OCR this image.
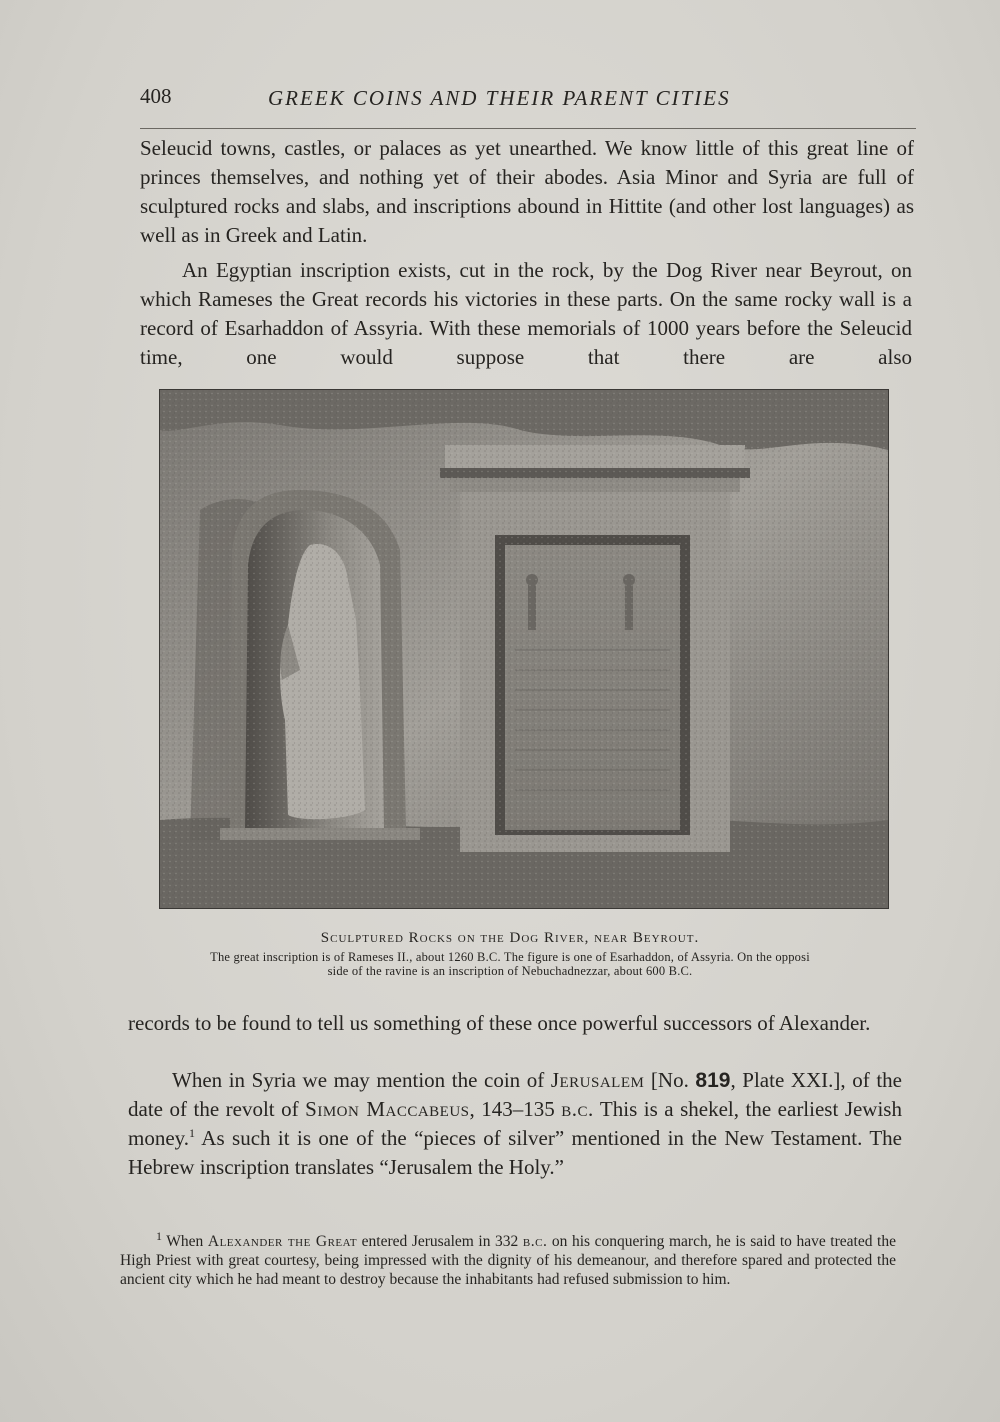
408	GREEK COINS AND THEIR PARENT CITIES

Seleucid towns, castles, or palaces as yet unearthed. We know little of this great line of princes themselves, and nothing yet of their abodes. Asia Minor and Syria are full of sculptured rocks and slabs, and inscriptions abound in Hittite (and other lost languages) as well as in Greek and Latin.

An Egyptian inscription exists, cut in the rock, by the Dog River near Beyrout, on which Rameses the Great records his victories in these parts. On the same rocky wall is a record of Esarhaddon of Assyria. With these memorials of 1000 years before the Seleucid time, one would suppose that there are also

Sculptured Rocks on the Dog River, near Beyrout.
The great inscription is of Rameses II., about 1260 B.C. The figure is one of Esarhaddon, of Assyria. On the opposi
side of the ravine is an inscription of Nebuchadnezzar, about 600 B.C.

records to be found to tell us something of these once powerful successors of Alexander.

When in Syria we may mention the coin of Jerusalem [No. 819, Plate XXI.], of the date of the revolt of Simon Maccabeus, 143–135 b.c. This is a shekel, the earliest Jewish money.$^1$ As such it is one of the “pieces of silver” mentioned in the New Testament. The Hebrew inscription translates “Jerusalem the Holy.”

$^1$ When Alexander the Great entered Jerusalem in 332 b.c. on his conquering march, he is said to have treated the High Priest with great courtesy, being impressed with the dignity of his demeanour, and therefore spared and protected the ancient city which he had meant to destroy because the inhabitants had refused submission to him.
